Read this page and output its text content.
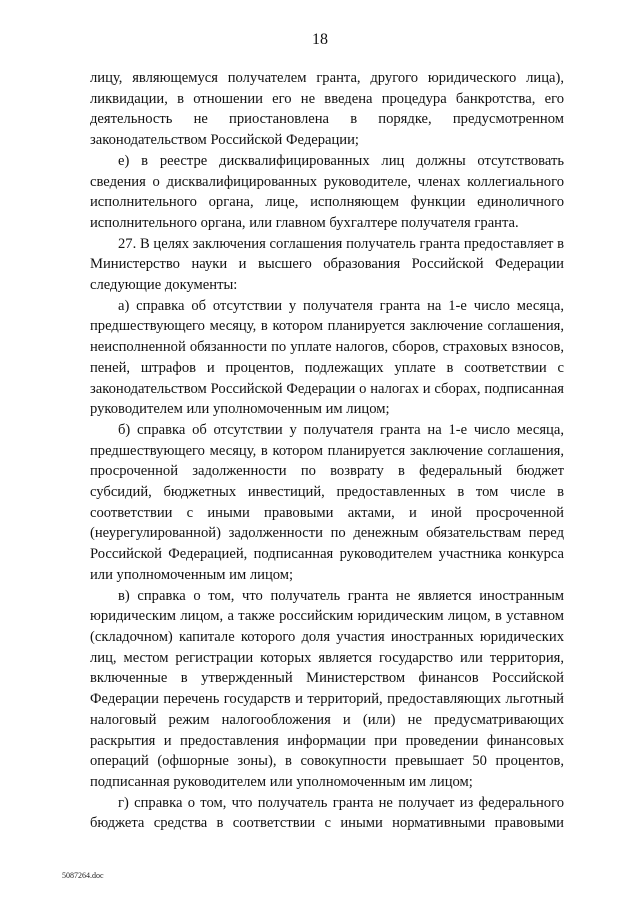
18

лицу, являющемуся получателем гранта, другого юридического лица), ликвидации, в отношении его не введена процедура банкротства, его деятельность не приостановлена в порядке, предусмотренном законодательством Российской Федерации;

е) в реестре дисквалифицированных лиц должны отсутствовать сведения о дисквалифицированных руководителе, членах коллегиального исполнительного органа, лице, исполняющем функции единоличного исполнительного органа, или главном бухгалтере получателя гранта.

27. В целях заключения соглашения получатель гранта предоставляет в Министерство науки и высшего образования Российской Федерации следующие документы:

а) справка об отсутствии у получателя гранта на 1-е число месяца, предшествующего месяцу, в котором планируется заключение соглашения, неисполненной обязанности по уплате налогов, сборов, страховых взносов, пеней, штрафов и процентов, подлежащих уплате в соответствии с законодательством Российской Федерации о налогах и сборах, подписанная руководителем или уполномоченным им лицом;

б) справка об отсутствии у получателя гранта на 1-е число месяца, предшествующего месяцу, в котором планируется заключение соглашения, просроченной задолженности по возврату в федеральный бюджет субсидий, бюджетных инвестиций, предоставленных в том числе в соответствии с иными правовыми актами, и иной просроченной (неурегулированной) задолженности по денежным обязательствам перед Российской Федерацией, подписанная руководителем участника конкурса или уполномоченным им лицом;

в) справка о том, что получатель гранта не является иностранным юридическим лицом, а также российским юридическим лицом, в уставном (складочном) капитале которого доля участия иностранных юридических лиц, местом регистрации которых является государство или территория, включенные в утвержденный Министерством финансов Российской Федерации перечень государств и территорий, предоставляющих льготный налоговый режим налогообложения и (или) не предусматривающих раскрытия и предоставления информации при проведении финансовых операций (офшорные зоны), в совокупности превышает 50 процентов, подписанная руководителем или уполномоченным им лицом;

г) справка о том, что получатель гранта не получает из федерального бюджета средства в соответствии с иными нормативными правовыми

5087264.doc
